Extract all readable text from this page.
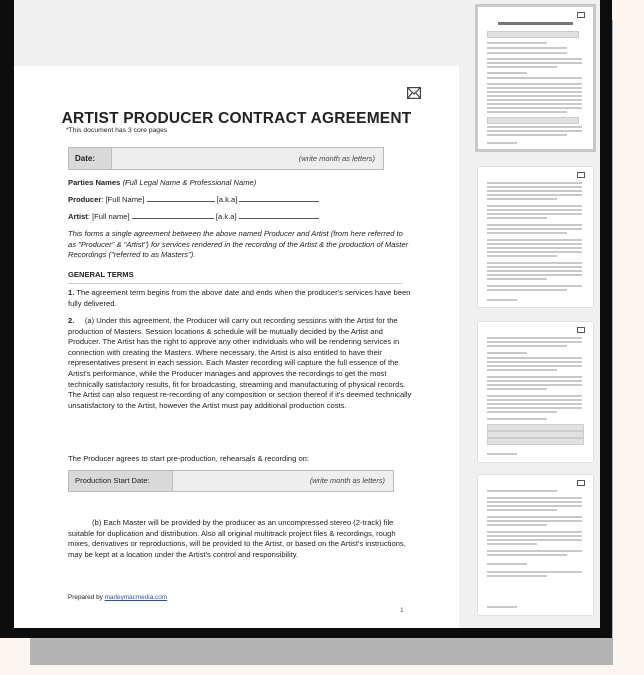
ARTIST PRODUCER CONTRACT AGREEMENT
*This document has 3 core pages
Date:	(write month as letters)
Parties Names (Full Legal Name & Professional Name)
Producer: [Full Name]	[a.k.a]
Artist: [Full name]	[a.k.a]
This forms a single agreement between the above named Producer and Artist (from here referred to as "Producer" & "Artist") for services rendered in the recording of the Artist & the production of Master Recordings ("referred to as Masters").
GENERAL TERMS
1. The agreement term begins from the above date and ends when the producer's services have been fully delivered.
2. (a) Under this agreement, the Producer will carry out recording sessions with the Artist for the production of Masters. Session locations & schedule will be mutually decided by the Artist and Producer. The Artist has the right to approve any other individuals who will be rendering services in connection with creating the Masters. Where necessary, the Artist is also entitled to have their representatives present in each session. Each Master recording will capture the full essence of the Artist's performance, while the Producer manages and approves the recordings to get the most technically satisfactory results, fit for broadcasting, streaming and manufacturing of physical records. The Artist can also request re-recording of any composition or section thereof if it's deemed technically unsatisfactory to the Artist, however the Artist must pay additional production costs.
The Producer agrees to start pre-production, rehearsals & recording on:
Production Start Date:	(write month as letters)
(b) Each Master will be provided by the producer as an uncompressed stereo (2-track) file suitable for duplication and distribution. Also all original multitrack project files & recordings, rough mixes, derivatives or reproductions, will be provided to the Artist, or based on the Artist's instructions, may be kept at a location under the Artist's control and responsibility.
Prepared by marleymacmedia.com
1
